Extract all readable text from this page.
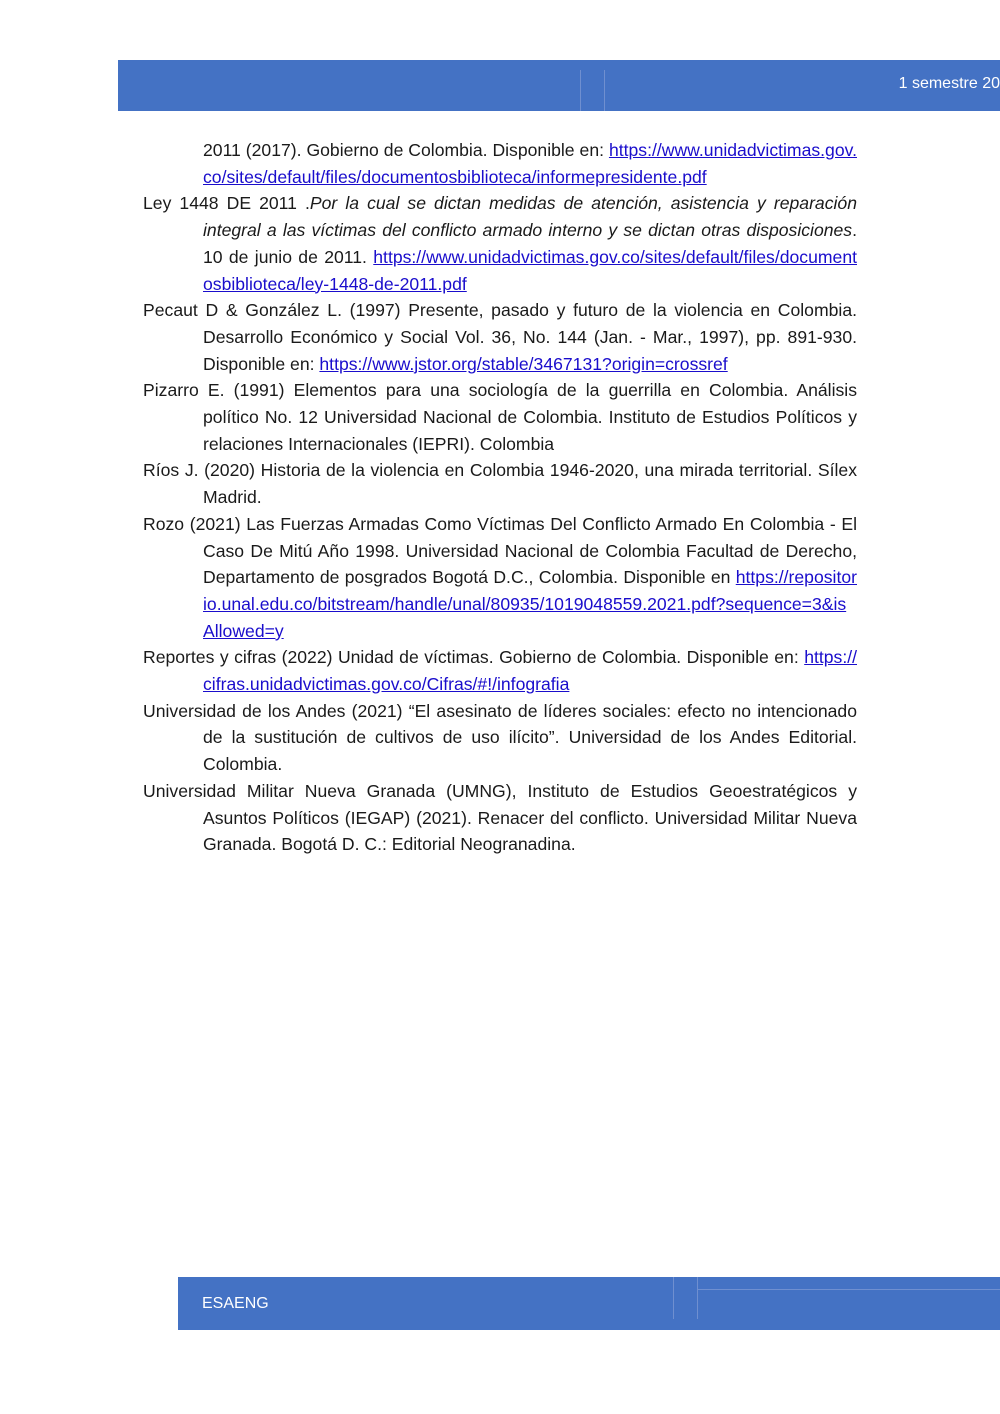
1 semestre 20

2011 (2017). Gobierno de Colombia. Disponible en: https://www.unidadvictimas.gov.co/sites/default/files/documentosbiblioteca/informepresidente.pdf

Ley 1448 DE 2011 .Por la cual se dictan medidas de atención, asistencia y reparación integral a las víctimas del conflicto armado interno y se dictan otras disposiciones. 10 de junio de 2011. https://www.unidadvictimas.gov.co/sites/default/files/documentosbiblioteca/ley-1448-de-2011.pdf

Pecaut D & González L. (1997) Presente, pasado y futuro de la violencia en Colombia. Desarrollo Económico y Social Vol. 36, No. 144 (Jan. - Mar., 1997), pp. 891-930. Disponible en: https://www.jstor.org/stable/3467131?origin=crossref

Pizarro E. (1991) Elementos para una sociología de la guerrilla en Colombia. Análisis político No. 12 Universidad Nacional de Colombia. Instituto de Estudios Políticos y relaciones Internacionales (IEPRI). Colombia

Ríos J. (2020) Historia de la violencia en Colombia 1946-2020, una mirada territorial. Sílex Madrid.

Rozo (2021) Las Fuerzas Armadas Como Víctimas Del Conflicto Armado En Colombia - El Caso De Mitú Año 1998. Universidad Nacional de Colombia Facultad de Derecho, Departamento de posgrados Bogotá D.C., Colombia. Disponible en https://repositorio.unal.edu.co/bitstream/handle/unal/80935/1019048559.2021.pdf?sequence=3&isAllowed=y

Reportes y cifras (2022) Unidad de víctimas. Gobierno de Colombia. Disponible en: https://cifras.unidadvictimas.gov.co/Cifras/#!/infografia

Universidad de los Andes (2021) “El asesinato de líderes sociales: efecto no intencionado de la sustitución de cultivos de uso ilícito”. Universidad de los Andes Editorial. Colombia.

Universidad Militar Nueva Granada (UMNG), Instituto de Estudios Geoestratégicos y Asuntos Políticos (IEGAP) (2021). Renacer del conflicto. Universidad Militar Nueva Granada. Bogotá D. C.: Editorial Neogranadina.

ESAENG
